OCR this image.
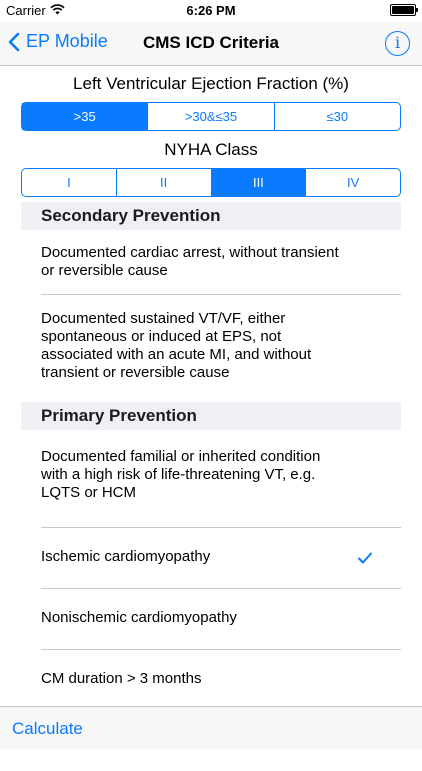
Carrier	6:26 PM
EP Mobile	CMS ICD Criteria	i
Left Ventricular Ejection Fraction (%)
>35	>30&≤35	≤30
NYHA Class
I	II	III	IV
Secondary Prevention
Documented cardiac arrest, without transient or reversible cause
Documented sustained VT/VF, either spontaneous or induced at EPS, not associated with an acute MI, and without transient or reversible cause
Primary Prevention
Documented familial or inherited condition with a high risk of life-threatening VT, e.g. LQTS or HCM
Ischemic cardiomyopathy
Nonischemic cardiomyopathy
CM duration > 3 months
Calculate
